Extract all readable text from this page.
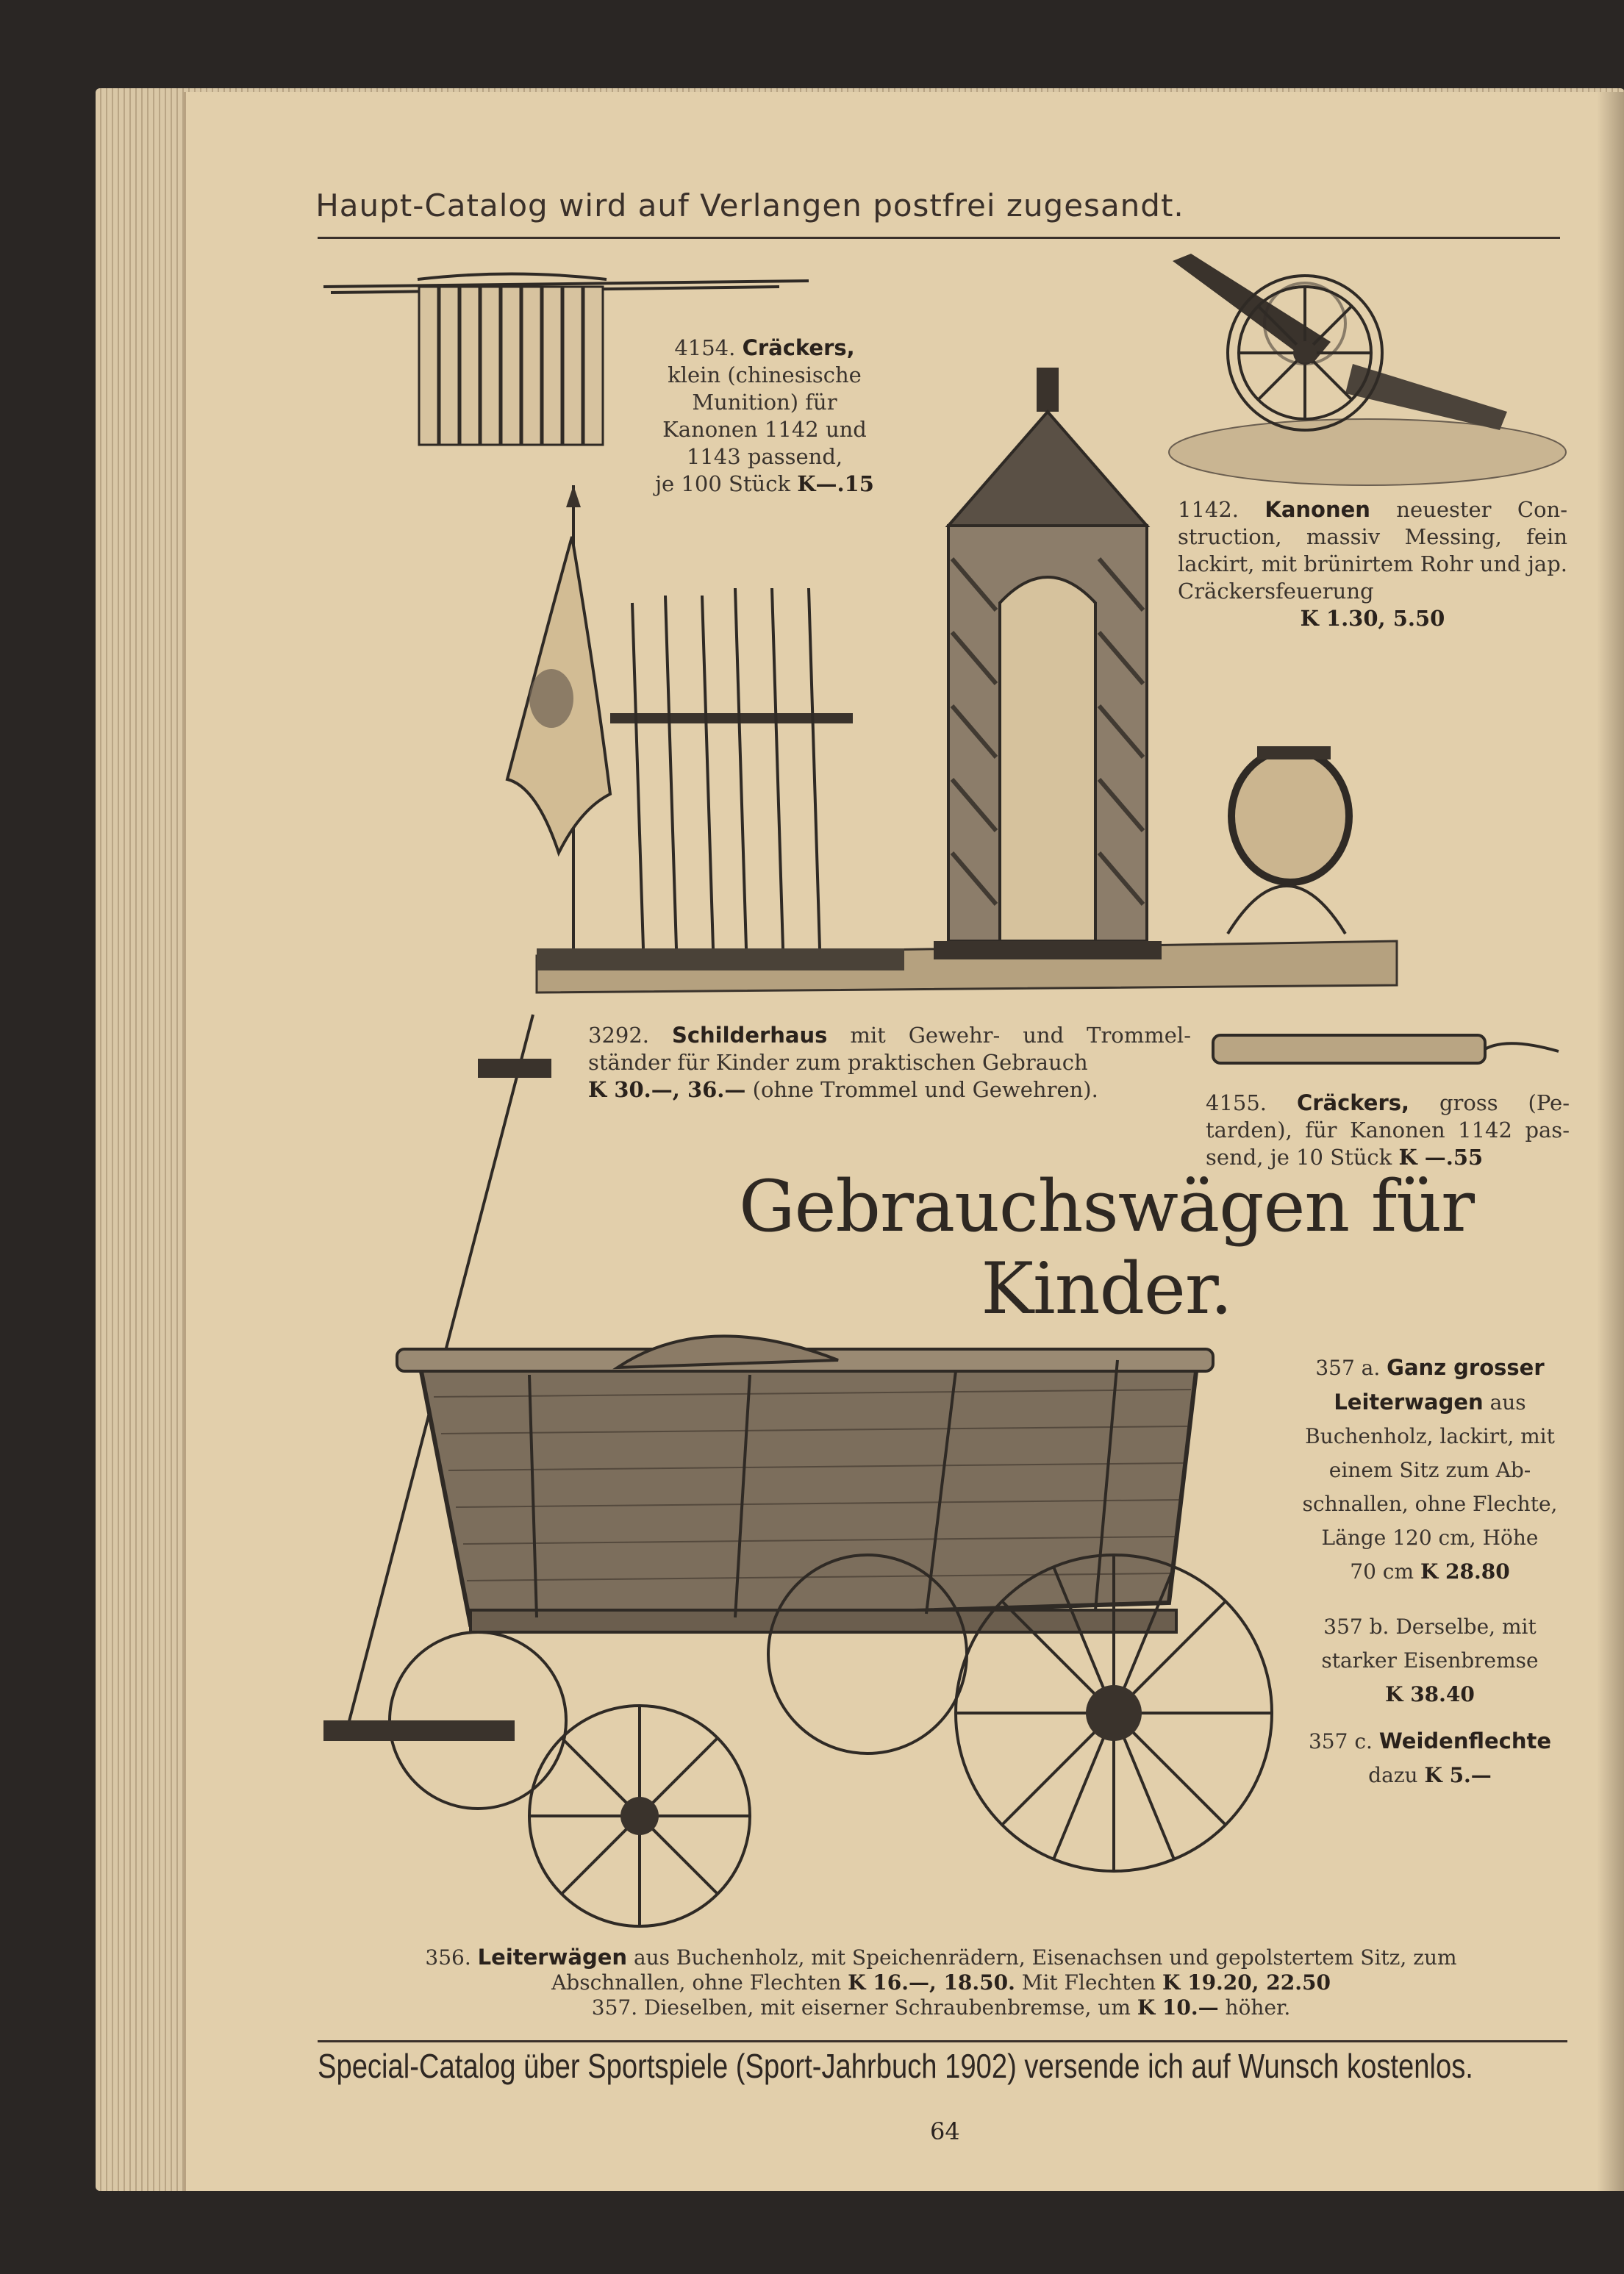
Haupt-Catalog wird auf Verlangen postfrei zugesandt.
4154. Cräckers,
klein (chinesische
Munition) für
Kanonen 1142 und
1143 passend,
je 100 Stück K—.15
1142. Kanonen neuester Con- struction, massiv Messing, fein lackirt, mit brünirtem Rohr und jap. Cräckersfeuerung
K 1.30, 5.50
3292. Schilderhaus mit Gewehr- und Trommel- ständer für Kinder zum praktischen Gebrauch
K 30.—, 36.— (ohne Trommel und Gewehren).
4155. Cräckers, gross (Pe- tarden), für Kanonen 1142 pas- send, je 10 Stück K —.55
Gebrauchswägen für Kinder.
357 a. Ganz grosser
Leiterwagen aus
Buchenholz, lackirt, mit
einem Sitz zum Ab-
schnallen, ohne Flechte,
Länge 120 cm, Höhe
70 cm K 28.80
357 b. Derselbe, mit
starker Eisenbremse
K 38.40
357 c. Weidenflechte
dazu K 5.—
356. Leiterwägen aus Buchenholz, mit Speichenrädern, Eisenachsen und gepolstertem Sitz, zum
Abschnallen, ohne Flechten K 16.—, 18.50. Mit Flechten K 19.20, 22.50
357. Dieselben, mit eiserner Schraubenbremse, um K 10.— höher.
Special-Catalog über Sportspiele (Sport-Jahrbuch 1902) versende ich auf Wunsch kostenlos.
64
